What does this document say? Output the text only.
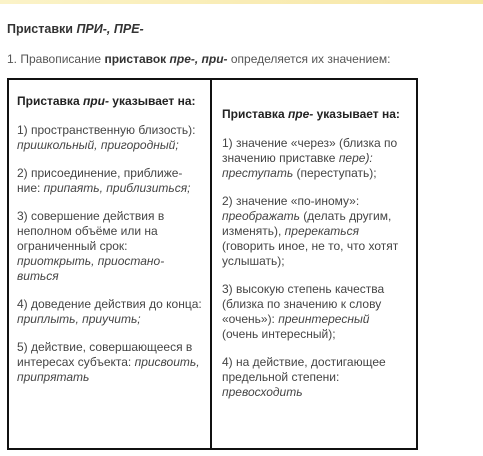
Приставки ПРИ-, ПРЕ-
1. Правописание приставок пре-, при- определяется их значением:
Приставка при- указывает на:
1) пространственную близость): пришкольный, пригородный;
2) присоединение, приближе-ние: припаять, приблизиться;
3) совершение действия в неполном объёме или на ограниченный срок: приоткрыть, приостано-виться
4) доведение действия до конца: приплыть, приучить;
5) действие, совершающееся в интересах субъекта: присвоить, припрятать
Приставка пре- указывает на:
1) значение «через» (близка по значению приставке пере): преступать (переступать);
2) значение «по-иному»: преображать (делать другим, изменять), пререкаться (говорить иное, не то, что хотят услышать);
3) высокую степень качества (близка по значению к слову «очень»): преинтересный (очень интересный);
4) на действие, достигающее предельной степени: превосходить
